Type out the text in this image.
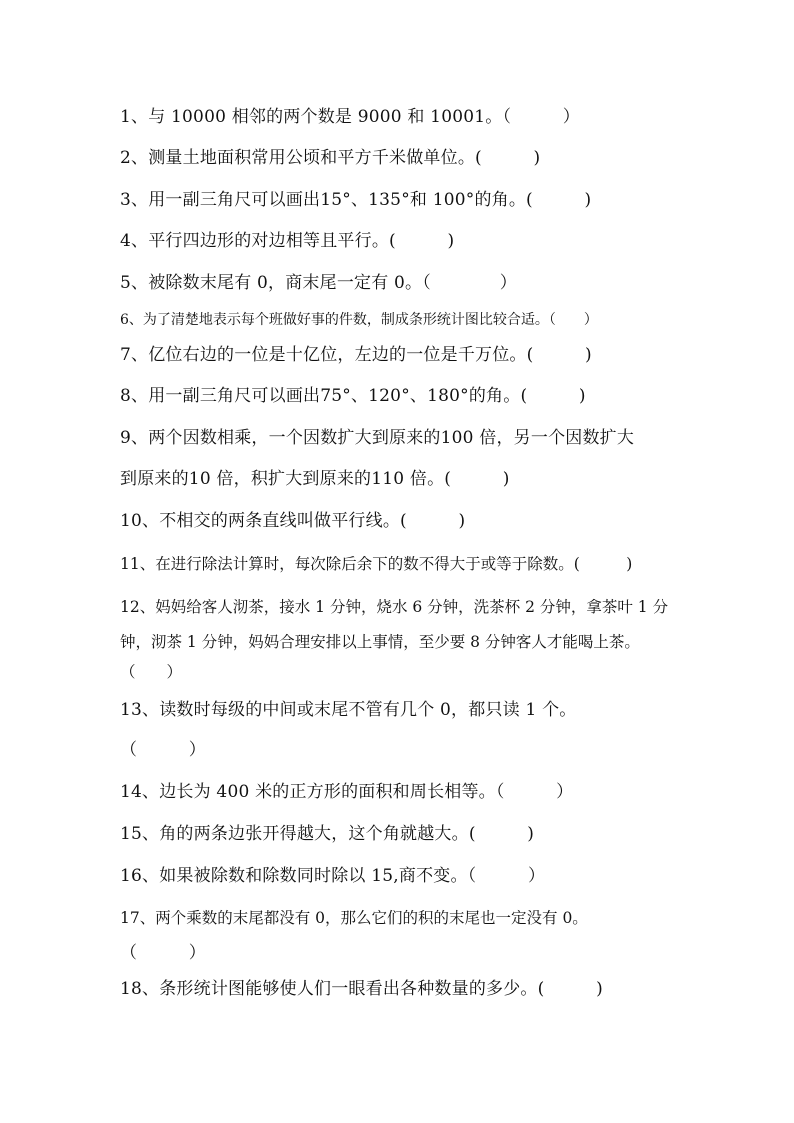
1、与 10000 相邻的两个数是 9000 和 10001。（　　　）
2、测量土地面积常用公顷和平方千米做单位。(　　　)
3、用一副三角尺可以画出15°、135°和 100°的角。(　　　)
4、平行四边形的对边相等且平行。(　　　)
5、被除数末尾有 0，商末尾一定有 0。（　　　　）
6、为了清楚地表示每个班做好事的件数，制成条形统计图比较合适。（　　）
7、亿位右边的一位是十亿位，左边的一位是千万位。(　　　)
8、用一副三角尺可以画出75°、120°、180°的角。(　　　)
9、两个因数相乘，一个因数扩大到原来的100 倍，另一个因数扩大
到原来的10 倍，积扩大到原来的110 倍。(　　　)
10、不相交的两条直线叫做平行线。(　　　)
11、在进行除法计算时，每次除后余下的数不得大于或等于除数。(　　　)
12、妈妈给客人沏茶，接水 1 分钟，烧水 6 分钟，洗茶杯 2 分钟，拿茶叶 1 分
钟，沏茶 1 分钟，妈妈合理安排以上事情，至少要 8 分钟客人才能喝上茶。
（　　）
13、读数时每级的中间或末尾不管有几个 0，都只读 1 个。
（　　　）
14、边长为 400 米的正方形的面积和周长相等。（　　　）
15、角的两条边张开得越大，这个角就越大。(　　　)
16、如果被除数和除数同时除以 15,商不变。（　　　）
17、两个乘数的末尾都没有 0，那么它们的积的末尾也一定没有 0。
（　　　）
18、条形统计图能够使人们一眼看出各种数量的多少。(　　　)
